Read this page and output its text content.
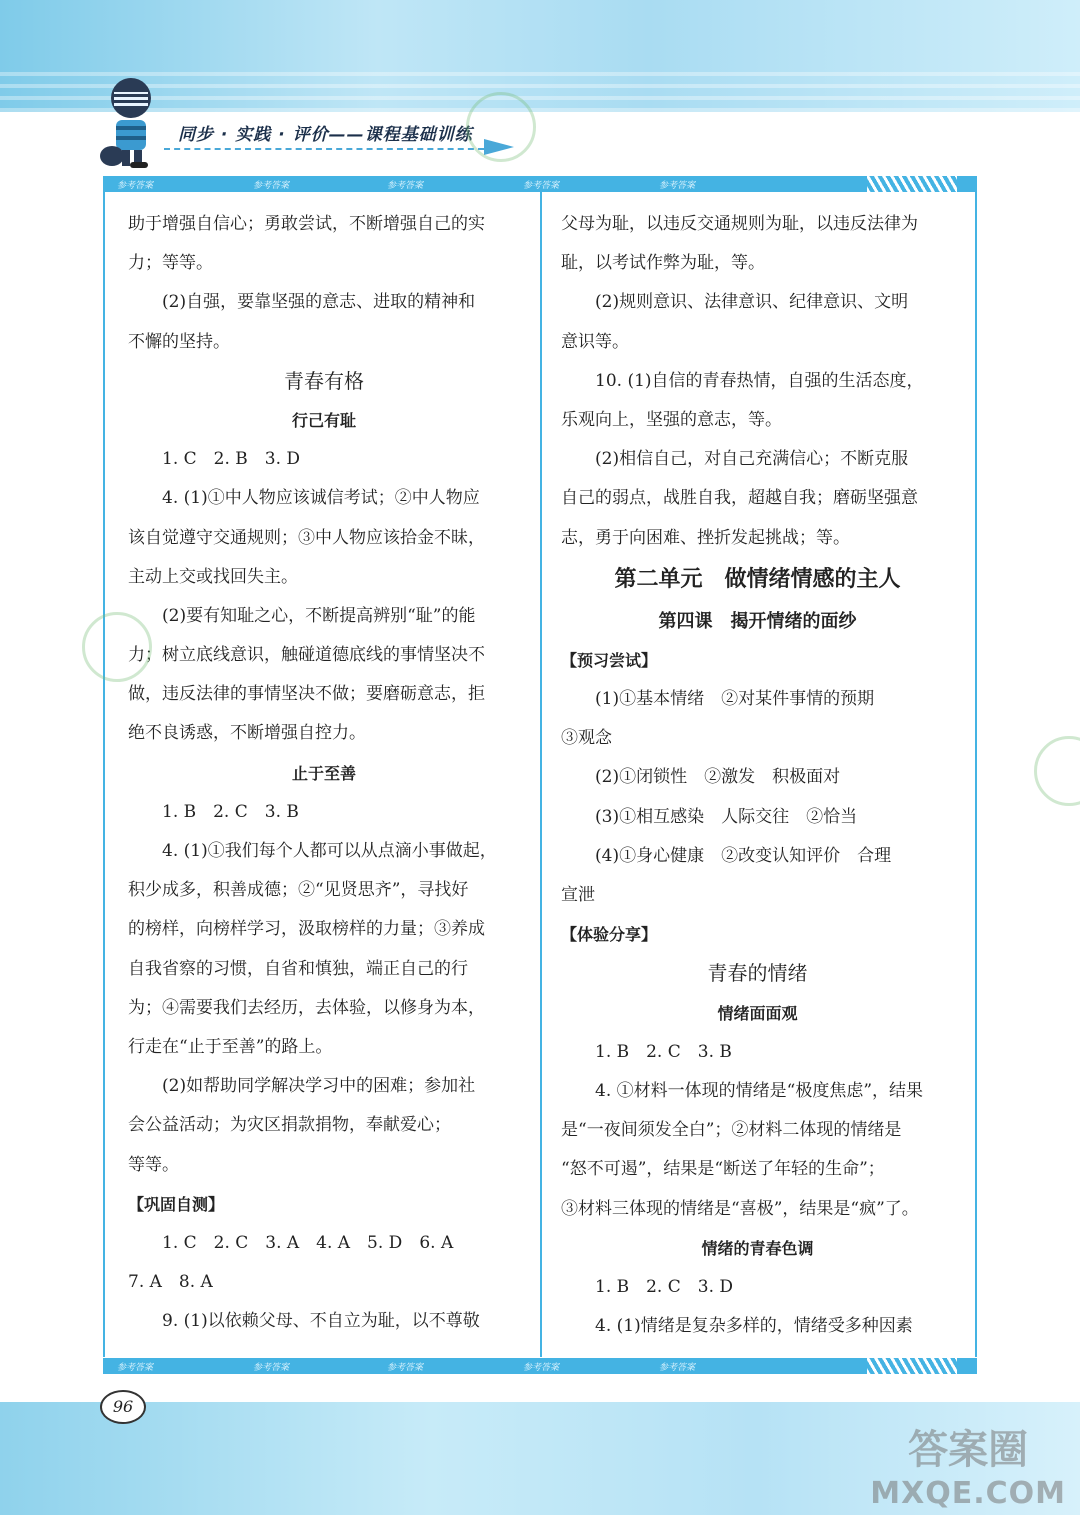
同步 · 实践 · 评价——课程基础训练
参考答案	参考答案	参考答案	参考答案	参考答案
助于增强自信心；勇敢尝试，不断增强自己的实
力；等等。
(2)自强，要靠坚强的意志、进取的精神和
不懈的坚持。
青春有格
行己有耻
1. C　2. B　3. D
4. (1)①中人物应该诚信考试；②中人物应
该自觉遵守交通规则；③中人物应该拾金不昧，
主动上交或找回失主。
(2)要有知耻之心，不断提高辨别“耻”的能
力；树立底线意识，触碰道德底线的事情坚决不
做，违反法律的事情坚决不做；要磨砺意志，拒
绝不良诱惑，不断增强自控力。
止于至善
1. B　2. C　3. B
4. (1)①我们每个人都可以从点滴小事做起，
积少成多，积善成德；②“见贤思齐”，寻找好
的榜样，向榜样学习，汲取榜样的力量；③养成
自我省察的习惯，自省和慎独，端正自己的行
为；④需要我们去经历，去体验，以修身为本，
行走在“止于至善”的路上。
(2)如帮助同学解决学习中的困难；参加社
会公益活动；为灾区捐款捐物，奉献爱心；
等等。
【巩固自测】
1. C　2. C　3. A　4. A　5. D　6. A
7. A　8. A
9. (1)以依赖父母、不自立为耻，以不尊敬
父母为耻，以违反交通规则为耻，以违反法律为
耻，以考试作弊为耻，等。
(2)规则意识、法律意识、纪律意识、文明
意识等。
10. (1)自信的青春热情，自强的生活态度，
乐观向上，坚强的意志，等。
(2)相信自己，对自己充满信心；不断克服
自己的弱点，战胜自我，超越自我；磨砺坚强意
志，勇于向困难、挫折发起挑战；等。
第二单元　做情绪情感的主人
第四课　揭开情绪的面纱
【预习尝试】
(1)①基本情绪　②对某件事情的预期
③观念
(2)①闭锁性　②激发　积极面对
(3)①相互感染　人际交往　②恰当
(4)①身心健康　②改变认知评价　合理
宣泄
【体验分享】
青春的情绪
情绪面面观
1. B　2. C　3. B
4. ①材料一体现的情绪是“极度焦虑”，结果
是“一夜间须发全白”；②材料二体现的情绪是
“怒不可遏”，结果是“断送了年轻的生命”；
③材料三体现的情绪是“喜极”，结果是“疯”了。
情绪的青春色调
1. B　2. C　3. D
4. (1)情绪是复杂多样的，情绪受多种因素
参考答案	参考答案	参考答案	参考答案	参考答案
96
答案圈
MXQE.COM
